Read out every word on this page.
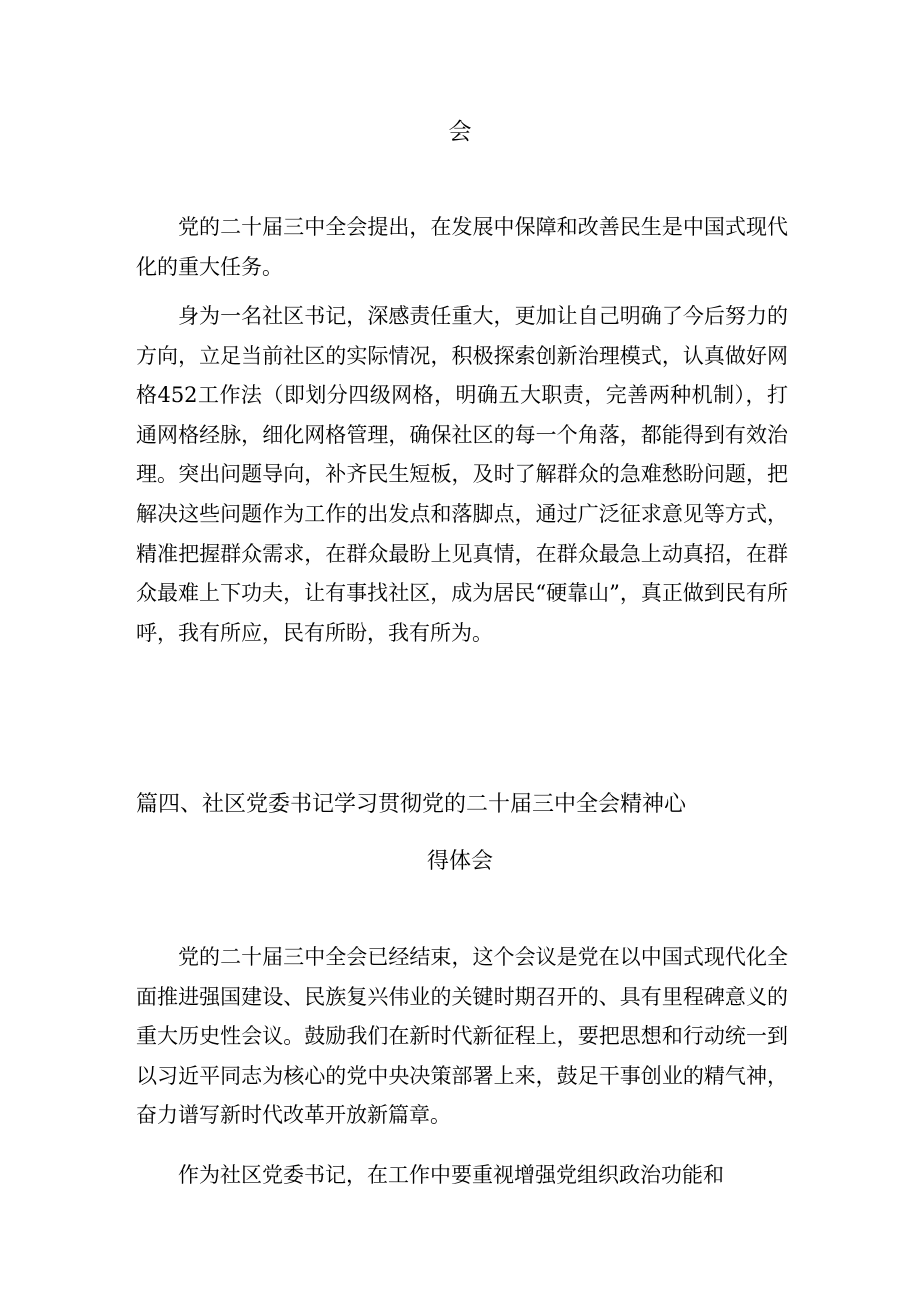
会

党的二十届三中全会提出，在发展中保障和改善民生是中国式现代化的重大任务。

身为一名社区书记，深感责任重大，更加让自己明确了今后努力的方向，立足当前社区的实际情况，积极探索创新治理模式，认真做好网格452工作法（即划分四级网格，明确五大职责，完善两种机制），打通网格经脉，细化网格管理，确保社区的每一个角落，都能得到有效治理。突出问题导向，补齐民生短板，及时了解群众的急难愁盼问题，把解决这些问题作为工作的出发点和落脚点，通过广泛征求意见等方式，精准把握群众需求，在群众最盼上见真情，在群众最急上动真招，在群众最难上下功夫，让有事找社区，成为居民“硬靠山”，真正做到民有所呼，我有所应，民有所盼，我有所为。

篇四、社区党委书记学习贯彻党的二十届三中全会精神心
得体会

党的二十届三中全会已经结束，这个会议是党在以中国式现代化全面推进强国建设、民族复兴伟业的关键时期召开的、具有里程碑意义的重大历史性会议。鼓励我们在新时代新征程上，要把思想和行动统一到以习近平同志为核心的党中央决策部署上来，鼓足干事创业的精气神，奋力谱写新时代改革开放新篇章。

作为社区党委书记，在工作中要重视增强党组织政治功能和
